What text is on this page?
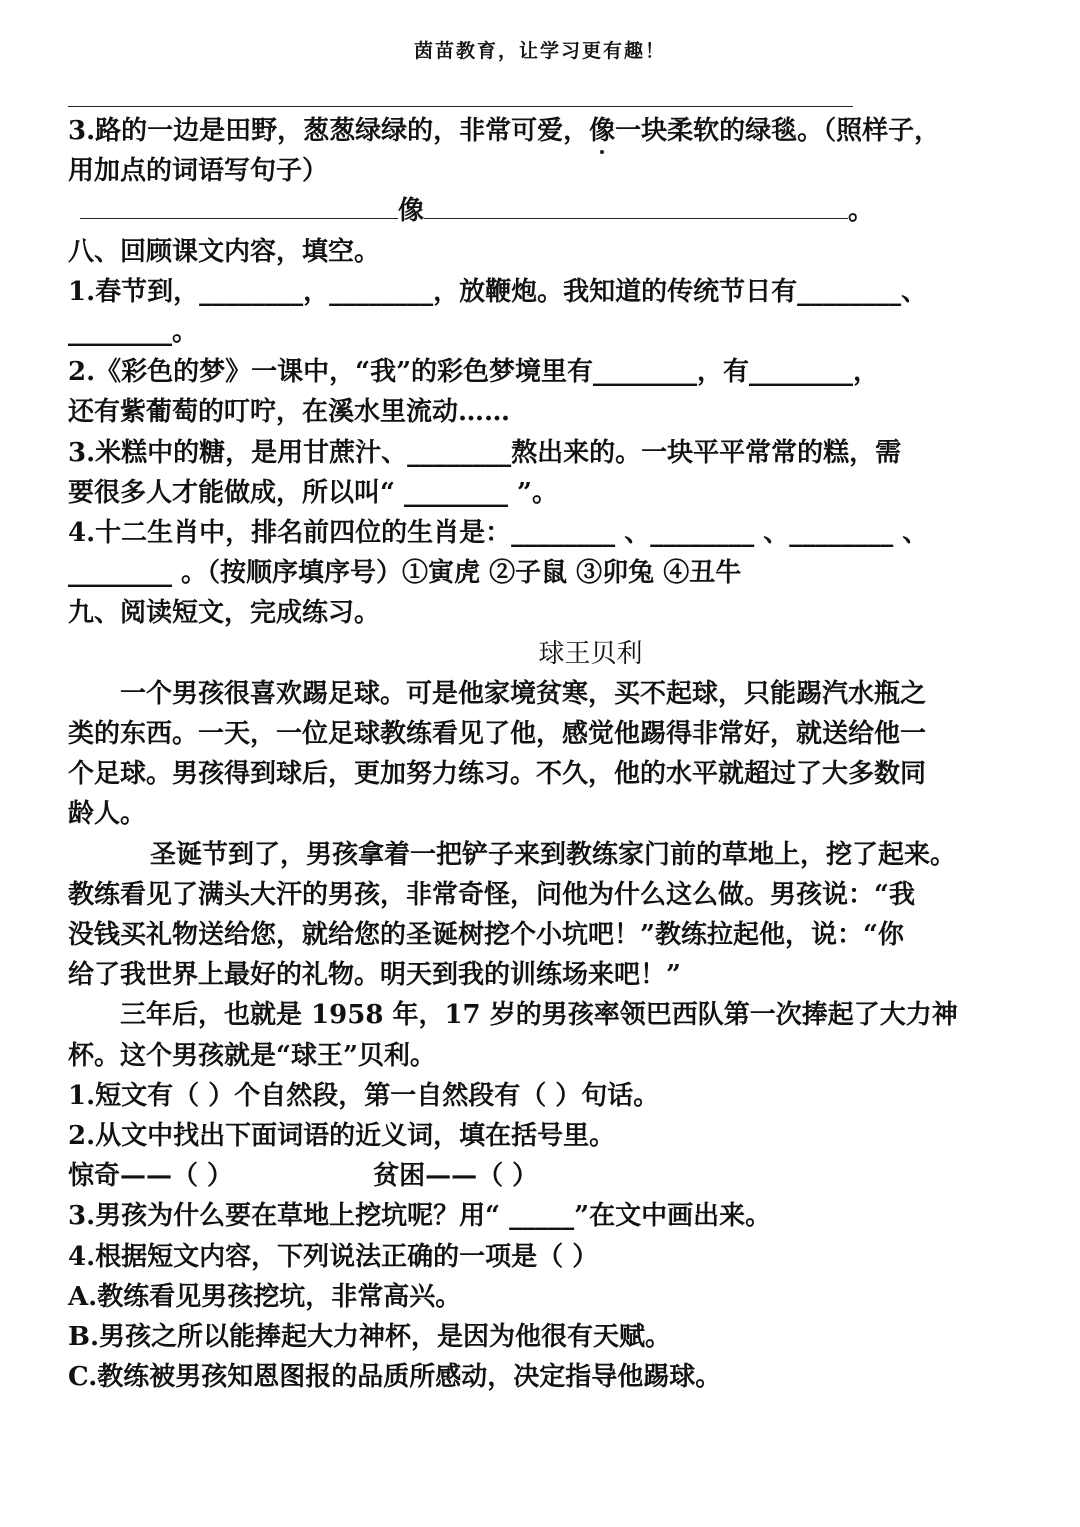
茵苗教育，让学习更有趣！
3.路的一边是田野，葱葱绿绿的，非常可爱，像一块柔软的绿毯。（照样子，
用加点的词语写句子）
像	。
八、回顾课文内容，填空。
1.春节到，________，________，放鞭炮。我知道的传统节日有________、
________。
2.《彩色的梦》一课中，“我”的彩色梦境里有________，有________，
还有紫葡萄的叮咛，在溪水里流动……
3.米糕中的糖，是用甘蔗汁、________熬出来的。一块平平常常的糕，需
要很多人才能做成，所以叫“ ________ ”。
4.十二生肖中，排名前四位的生肖是：________ 、________ 、________ 、
________ 。（按顺序填序号）①寅虎 ②子鼠 ③卯兔 ④丑牛
九、阅读短文，完成练习。
球王贝利
一个男孩很喜欢踢足球。可是他家境贫寒，买不起球，只能踢汽水瓶之
类的东西。一天，一位足球教练看见了他，感觉他踢得非常好，就送给他一
个足球。男孩得到球后，更加努力练习。不久，他的水平就超过了大多数同
龄人。
圣诞节到了，男孩拿着一把铲子来到教练家门前的草地上，挖了起来。
教练看见了满头大汗的男孩，非常奇怪，问他为什么这么做。男孩说：“我
没钱买礼物送给您，就给您的圣诞树挖个小坑吧！”教练拉起他，说：“你
给了我世界上最好的礼物。明天到我的训练场来吧！”
三年后，也就是 1958 年，17 岁的男孩率领巴西队第一次捧起了大力神
杯。这个男孩就是“球王”贝利。
1.短文有（ ）个自然段，第一自然段有（ ）句话。
2.从文中找出下面词语的近义词，填在括号里。
惊奇——（ ）	贫困——（ ）
3.男孩为什么要在草地上挖坑呢？用“ _____”在文中画出来。
4.根据短文内容，下列说法正确的一项是（ ）
A.教练看见男孩挖坑，非常高兴。
B.男孩之所以能捧起大力神杯，是因为他很有天赋。
C.教练被男孩知恩图报的品质所感动，决定指导他踢球。
